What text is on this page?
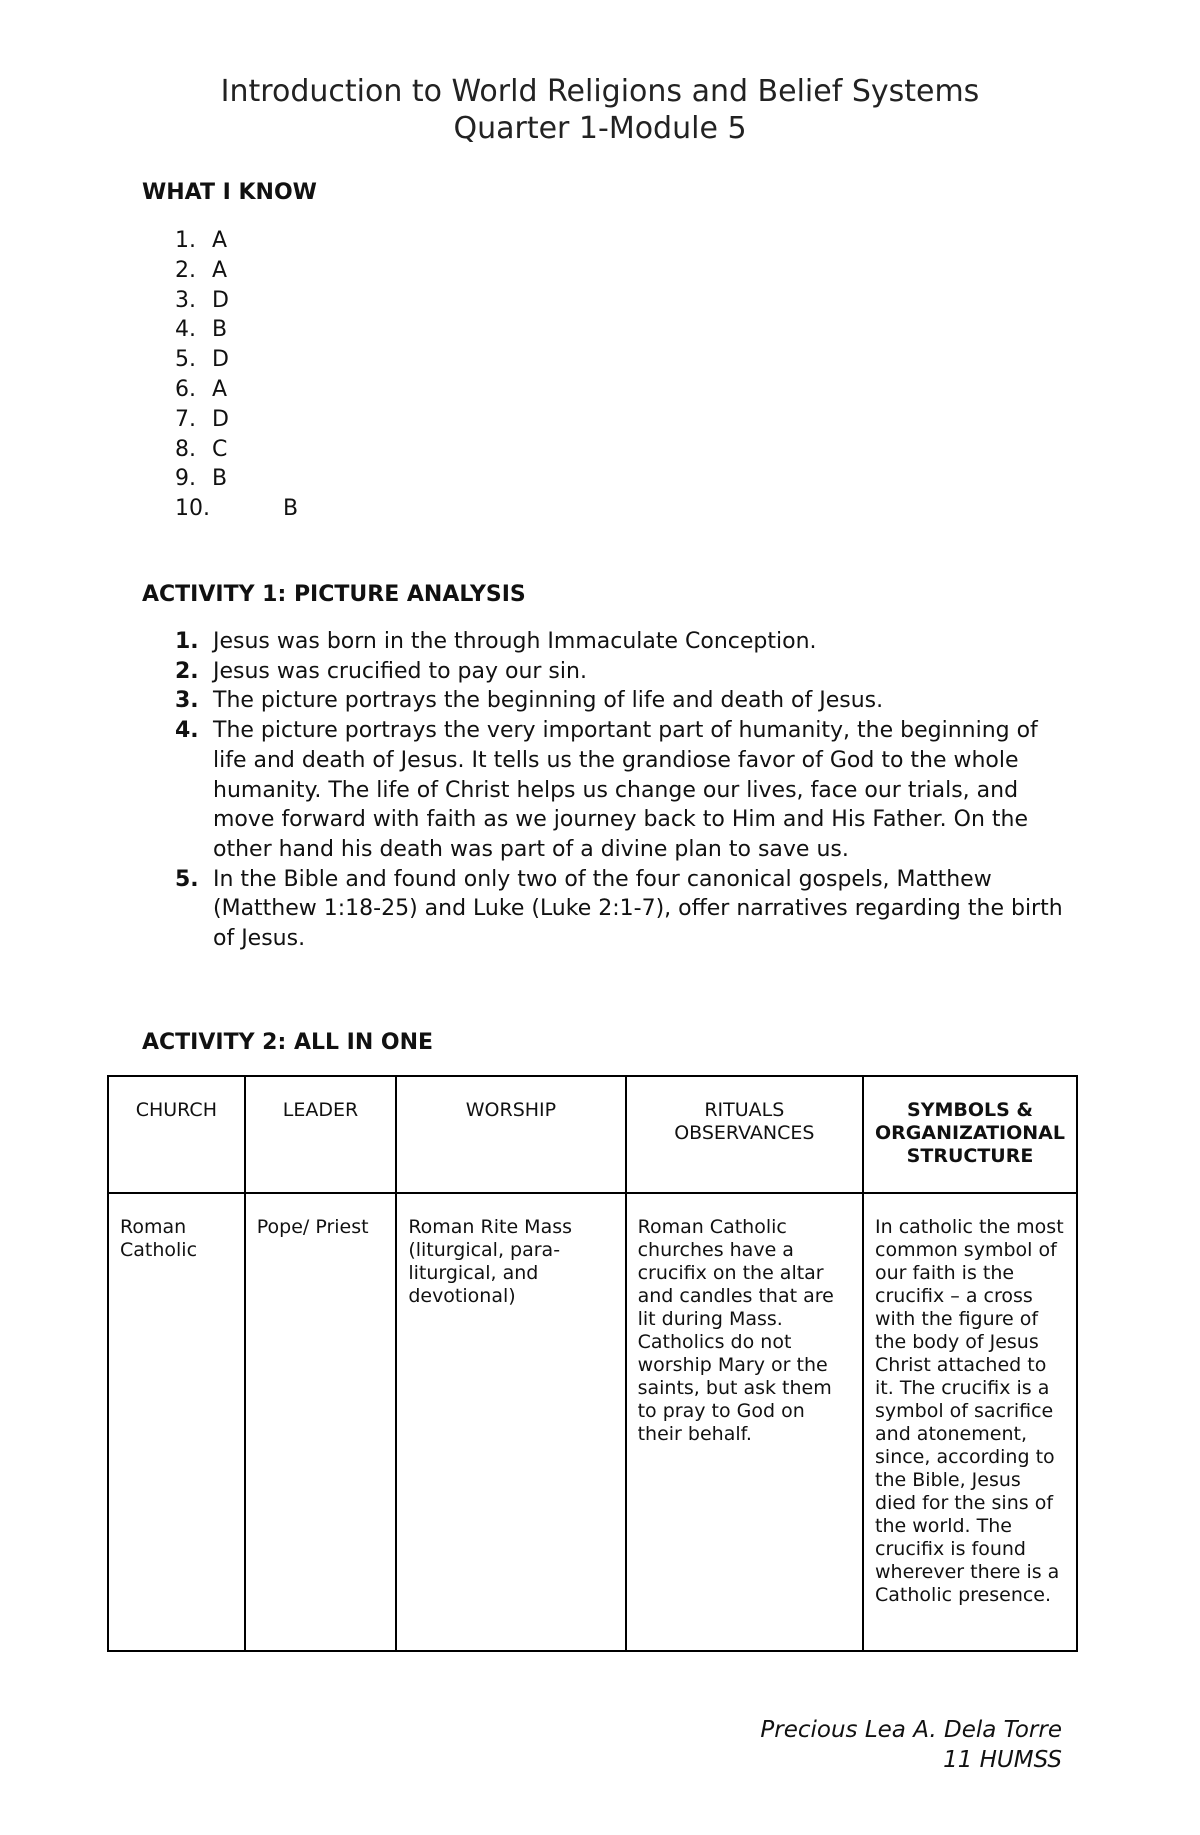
Introduction to World Religions and Belief Systems
Quarter 1-Module 5
WHAT I KNOW
1. A
2. A
3. D
4. B
5. D
6. A
7. D
8. C
9. B
10.	B
ACTIVITY 1: PICTURE ANALYSIS
1. Jesus was born in the through Immaculate Conception.
2. Jesus was crucified to pay our sin.
3. The picture portrays the beginning of life and death of Jesus.
4. The picture portrays the very important part of humanity, the beginning of life and death of Jesus. It tells us the grandiose favor of God to the whole humanity. The life of Christ helps us change our lives, face our trials, and move forward with faith as we journey back to Him and His Father. On the other hand his death was part of a divine plan to save us.
5. In the Bible and found only two of the four canonical gospels, Matthew (Matthew 1:18-25) and Luke (Luke 2:1-7), offer narratives regarding the birth of Jesus.
ACTIVITY 2: ALL IN ONE
CHURCH	LEADER	WORSHIP	RITUALS OBSERVANCES	SYMBOLS & ORGANIZATIONAL STRUCTURE
Roman Catholic	Pope/ Priest	Roman Rite Mass (liturgical, para-liturgical, and devotional)	Roman Catholic churches have a crucifix on the altar and candles that are lit during Mass. Catholics do not worship Mary or the saints, but ask them to pray to God on their behalf.	In catholic the most common symbol of our faith is the crucifix – a cross with the figure of the body of Jesus Christ attached to it. The crucifix is a symbol of sacrifice and atonement, since, according to the Bible, Jesus died for the sins of the world. The crucifix is found wherever there is a Catholic presence.
Precious Lea A. Dela Torre
11 HUMSS
